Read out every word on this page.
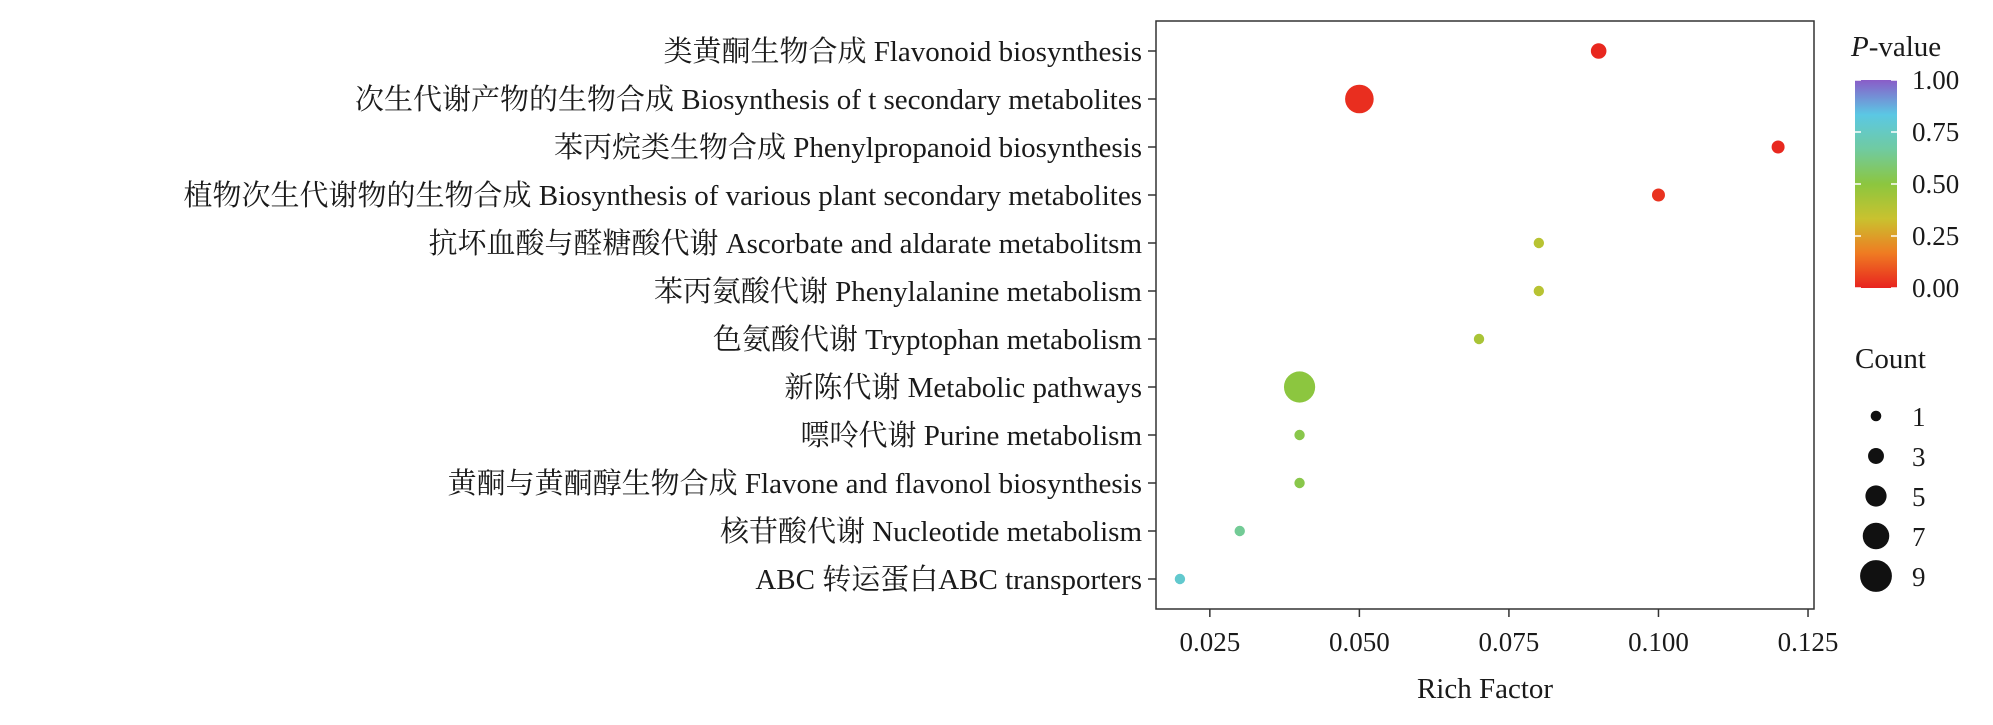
类黄酮生物合成 Flavonoid biosynthesis
次生代谢产物的生物合成 Biosynthesis of t secondary metabolites
苯丙烷类生物合成 Phenylpropanoid biosynthesis
植物次生代谢物的生物合成 Biosynthesis of various plant secondary metabolites
抗坏血酸与醛糖酸代谢 Ascorbate and aldarate metabolitsm
苯丙氨酸代谢 Phenylalanine metabolism
色氨酸代谢 Tryptophan metabolism
新陈代谢 Metabolic pathways
嘌呤代谢 Purine metabolism
黄酮与黄酮醇生物合成 Flavone and flavonol biosynthesis
核苷酸代谢 Nucleotide metabolism
ABC 转运蛋白ABC transporters
0.025	0.050	0.075	0.100	0.125
Rich Factor
P-value
0.00
0.25
0.50
0.75
1.00
Count
1
3
5
7
9
